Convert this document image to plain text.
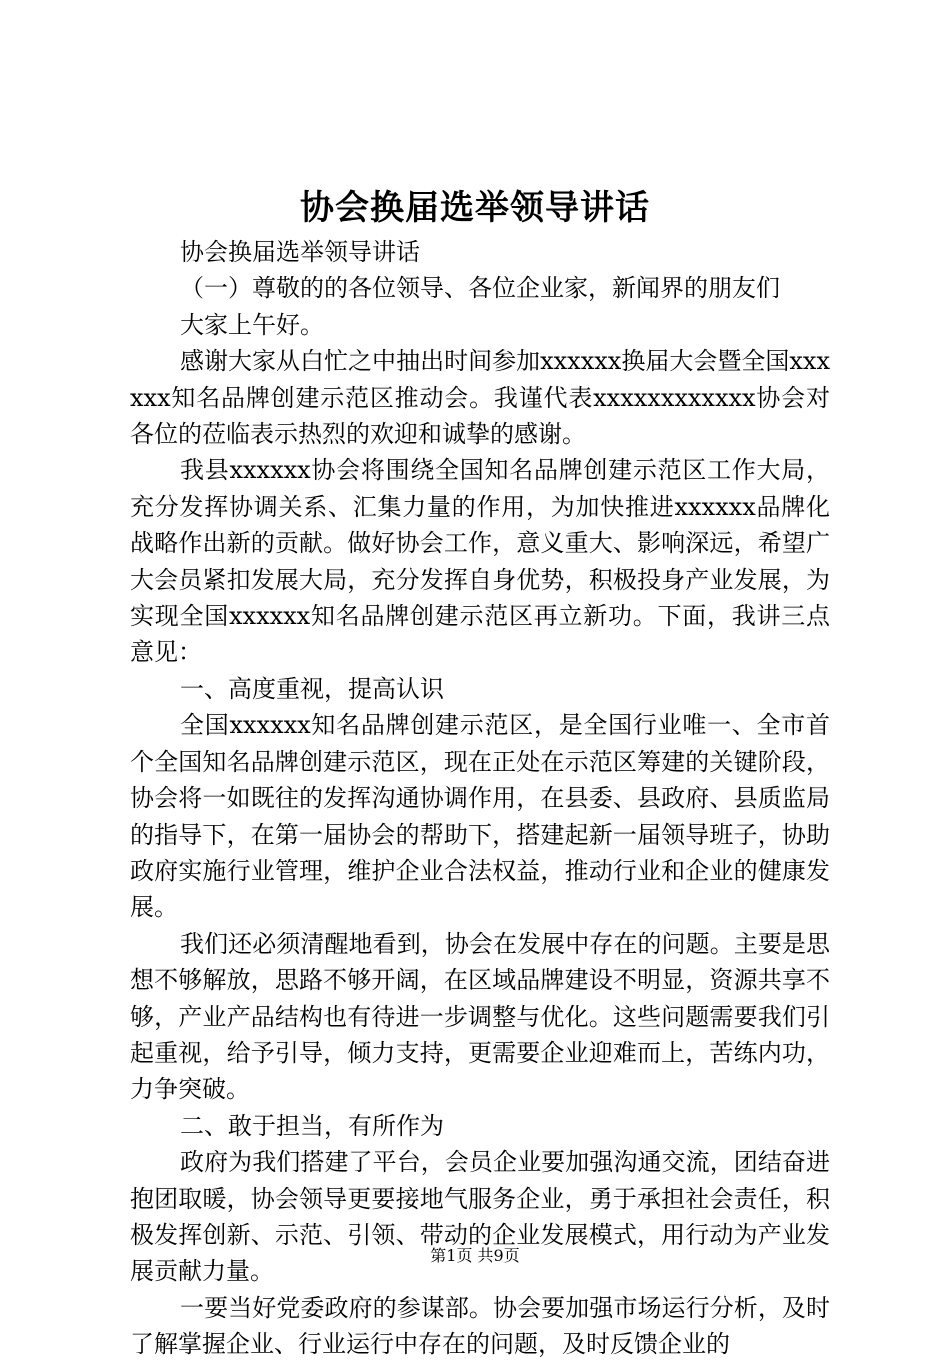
协会换届选举领导讲话

协会换届选举领导讲话

（一）尊敬的的各位领导、各位企业家，新闻界的朋友们

大家上午好。

感谢大家从白忙之中抽出时间参加xxxxxx换届大会暨全国xxxxxx知名品牌创建示范区推动会。我谨代表xxxxxxxxxxxx协会对各位的莅临表示热烈的欢迎和诚挚的感谢。

我县xxxxxx协会将围绕全国知名品牌创建示范区工作大局，充分发挥协调关系、汇集力量的作用，为加快推进xxxxxx品牌化战略作出新的贡献。做好协会工作，意义重大、影响深远，希望广大会员紧扣发展大局，充分发挥自身优势，积极投身产业发展，为实现全国xxxxxx知名品牌创建示范区再立新功。下面，我讲三点意见：

一、高度重视，提高认识

全国xxxxxx知名品牌创建示范区，是全国行业唯一、全市首个全国知名品牌创建示范区，现在正处在示范区筹建的关键阶段，协会将一如既往的发挥沟通协调作用，在县委、县政府、县质监局的指导下，在第一届协会的帮助下，搭建起新一届领导班子，协助政府实施行业管理，维护企业合法权益，推动行业和企业的健康发展。

我们还必须清醒地看到，协会在发展中存在的问题。主要是思想不够解放，思路不够开阔，在区域品牌建设不明显，资源共享不够，产业产品结构也有待进一步调整与优化。这些问题需要我们引起重视，给予引导，倾力支持，更需要企业迎难而上，苦练内功，力争突破。

二、敢于担当，有所作为

政府为我们搭建了平台，会员企业要加强沟通交流，团结奋进抱团取暖，协会领导更要接地气服务企业，勇于承担社会责任，积极发挥创新、示范、引领、带动的企业发展模式，用行动为产业发展贡献力量。

一要当好党委政府的参谋部。协会要加强市场运行分析，及时了解掌握企业、行业运行中存在的问题，及时反馈企业的

第1页 共9页
